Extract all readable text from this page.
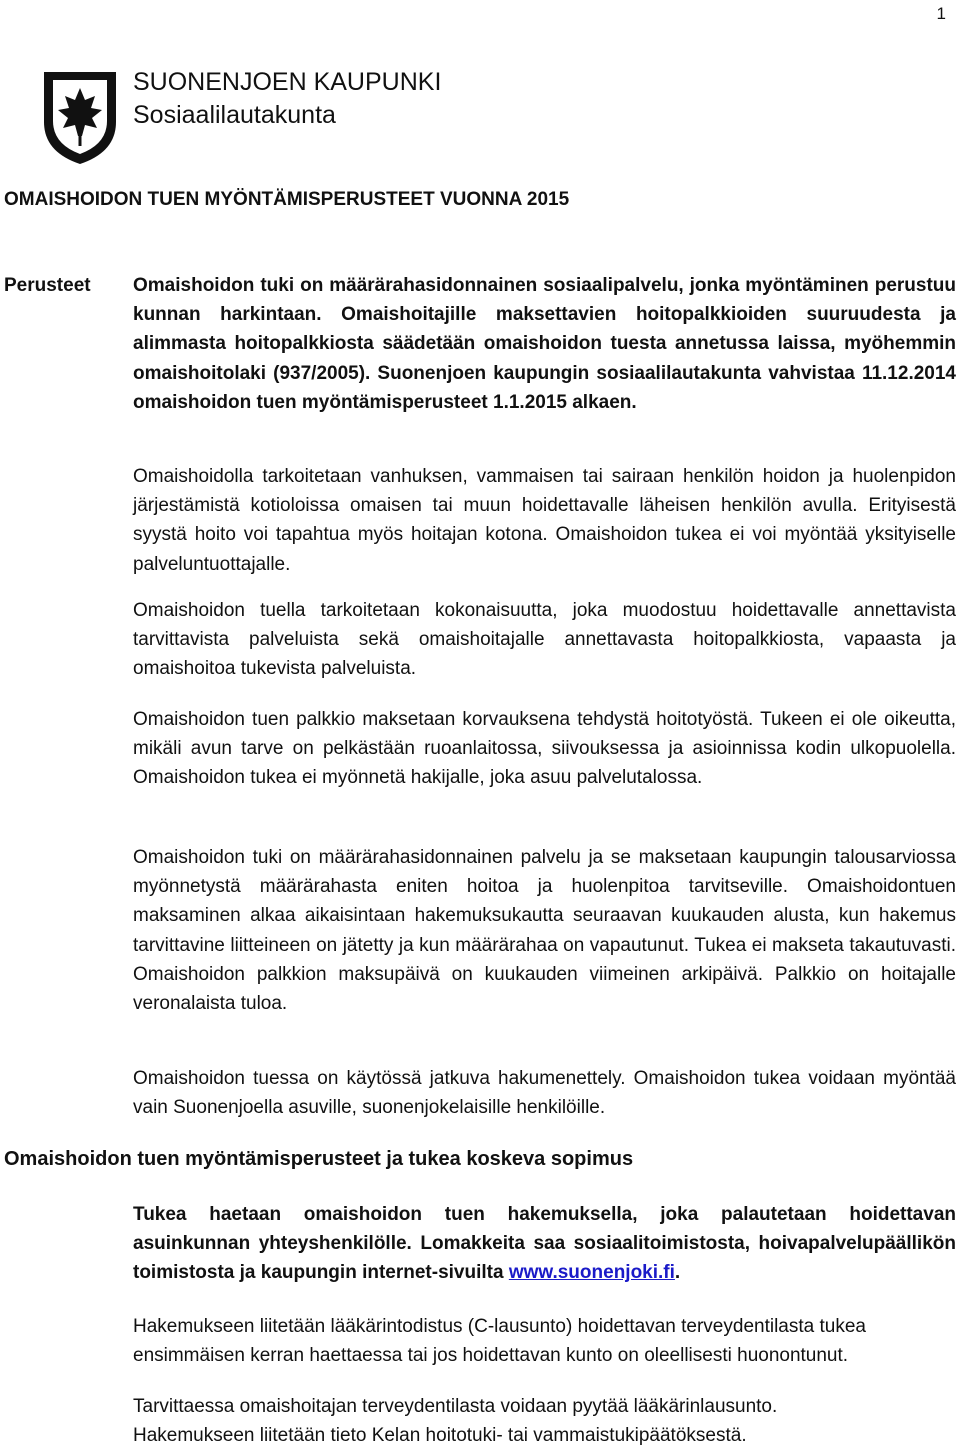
1
SUONENJOEN KAUPUNKI
Sosiaalilautakunta
OMAISHOIDON TUEN MYÖNTÄMISPERUSTEET VUONNA 2015
Perusteet Omaishoidon tuki on määrärahasidonnainen sosiaalipalvelu, jonka myöntäminen perustuu kunnan harkintaan. Omaishoitajille maksettavien hoitopalkkioiden suuruudesta ja alimmasta hoitopalkkiosta säädetään omaishoidon tuesta annetussa laissa, myöhemmin omaishoitolaki (937/2005). Suonenjoen kaupungin sosiaalilautakunta vahvistaa 11.12.2014 omaishoidon tuen myöntämisperusteet 1.1.2015 alkaen.
Omaishoidolla tarkoitetaan vanhuksen, vammaisen tai sairaan henkilön hoidon ja huolenpidon järjestämistä kotioloissa omaisen tai muun hoidettavalle läheisen henkilön avulla. Erityisestä syystä hoito voi tapahtua myös hoitajan kotona. Omaishoidon tukea ei voi myöntää yksityiselle palveluntuottajalle.
Omaishoidon tuella tarkoitetaan kokonaisuutta, joka muodostuu hoidettavalle annettavista tarvittavista palveluista sekä omaishoitajalle annettavasta hoitopalkkiosta, vapaasta ja omaishoitoa tukevista palveluista.
Omaishoidon tuen palkkio maksetaan korvauksena tehdystä hoitotyöstä. Tukeen ei ole oikeutta, mikäli avun tarve on pelkästään ruoanlaitossa, siivouksessa ja asioinnissa kodin ulkopuolella. Omaishoidon tukea ei myönnetä hakijalle, joka asuu palvelutalossa.
Omaishoidon tuki on määrärahasidonnainen palvelu ja se maksetaan kaupungin talousarviossa myönnetystä määrärahasta eniten hoitoa ja huolenpitoa tarvitseville. Omaishoidontuen maksaminen alkaa aikaisintaan hakemuksukautta seuraavan kuukauden alusta, kun hakemus tarvittavine liitteineen on jätetty ja kun määrärahaa on vapautunut. Tukea ei makseta takautuvasti. Omaishoidon palkkion maksupäivä on kuukauden viimeinen arkipäivä. Palkkio on hoitajalle veronalaista tuloa.
Omaishoidon tuessa on käytössä jatkuva hakumenettely. Omaishoidon tukea voidaan myöntää vain Suonenjoella asuville, suonenjokelaisille henkilöille.
Omaishoidon tuen myöntämisperusteet ja tukea koskeva sopimus
Tukea haetaan omaishoidon tuen hakemuksella, joka palautetaan hoidettavan asuinkunnan yhteyshenkilölle. Lomakkeita saa sosiaalitoimistosta, hoivapalvelupäällikön toimistosta ja kaupungin internet-sivuilta www.suonenjoki.fi.
Hakemukseen liitetään lääkärintodistus (C-lausunto) hoidettavan terveydentilasta tukea ensimmäisen kerran haettaessa tai jos hoidettavan kunto on oleellisesti huonontunut.
Tarvittaessa omaishoitajan terveydentilasta voidaan pyytää lääkärinlausunto.
Hakemukseen liitetään tieto Kelan hoitotuki- tai vammaistukipäätöksestä.
